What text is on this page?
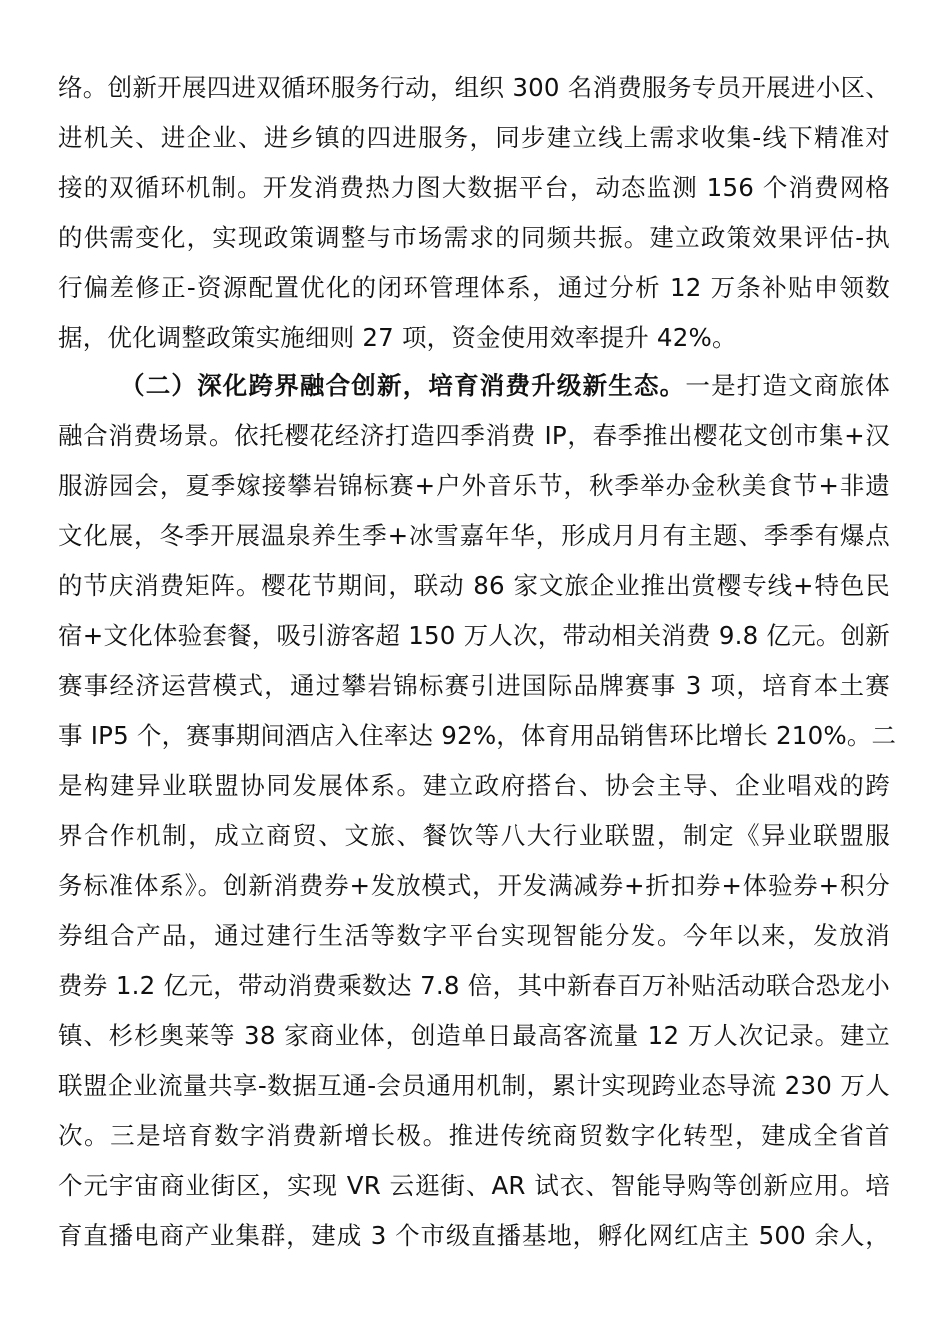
络。创新开展四进双循环服务行动，组织 300 名消费服务专员开展进小区、
进机关、进企业、进乡镇的四进服务，同步建立线上需求收集-线下精准对
接的双循环机制。开发消费热力图大数据平台，动态监测 156 个消费网格
的供需变化，实现政策调整与市场需求的同频共振。建立政策效果评估-执
行偏差修正-资源配置优化的闭环管理体系，通过分析 12 万条补贴申领数
据，优化调整政策实施细则 27 项，资金使用效率提升 42%。
（二）深化跨界融合创新，培育消费升级新生态。一是打造文商旅体
融合消费场景。依托樱花经济打造四季消费 IP，春季推出樱花文创市集+汉
服游园会，夏季嫁接攀岩锦标赛+户外音乐节，秋季举办金秋美食节+非遗
文化展，冬季开展温泉养生季+冰雪嘉年华，形成月月有主题、季季有爆点
的节庆消费矩阵。樱花节期间，联动 86 家文旅企业推出赏樱专线+特色民
宿+文化体验套餐，吸引游客超 150 万人次，带动相关消费 9.8 亿元。创新
赛事经济运营模式，通过攀岩锦标赛引进国际品牌赛事 3 项，培育本土赛
事 IP5 个，赛事期间酒店入住率达 92%，体育用品销售环比增长 210%。二
是构建异业联盟协同发展体系。建立政府搭台、协会主导、企业唱戏的跨
界合作机制，成立商贸、文旅、餐饮等八大行业联盟，制定《异业联盟服
务标准体系》。创新消费券+发放模式，开发满减券+折扣券+体验券+积分
券组合产品，通过建行生活等数字平台实现智能分发。今年以来，发放消
费券 1.2 亿元，带动消费乘数达 7.8 倍，其中新春百万补贴活动联合恐龙小
镇、杉杉奥莱等 38 家商业体，创造单日最高客流量 12 万人次记录。建立
联盟企业流量共享-数据互通-会员通用机制，累计实现跨业态导流 230 万人
次。三是培育数字消费新增长极。推进传统商贸数字化转型，建成全省首
个元宇宙商业街区，实现 VR 云逛街、AR 试衣、智能导购等创新应用。培
育直播电商产业集群，建成 3 个市级直播基地，孵化网红店主 500 余人，
